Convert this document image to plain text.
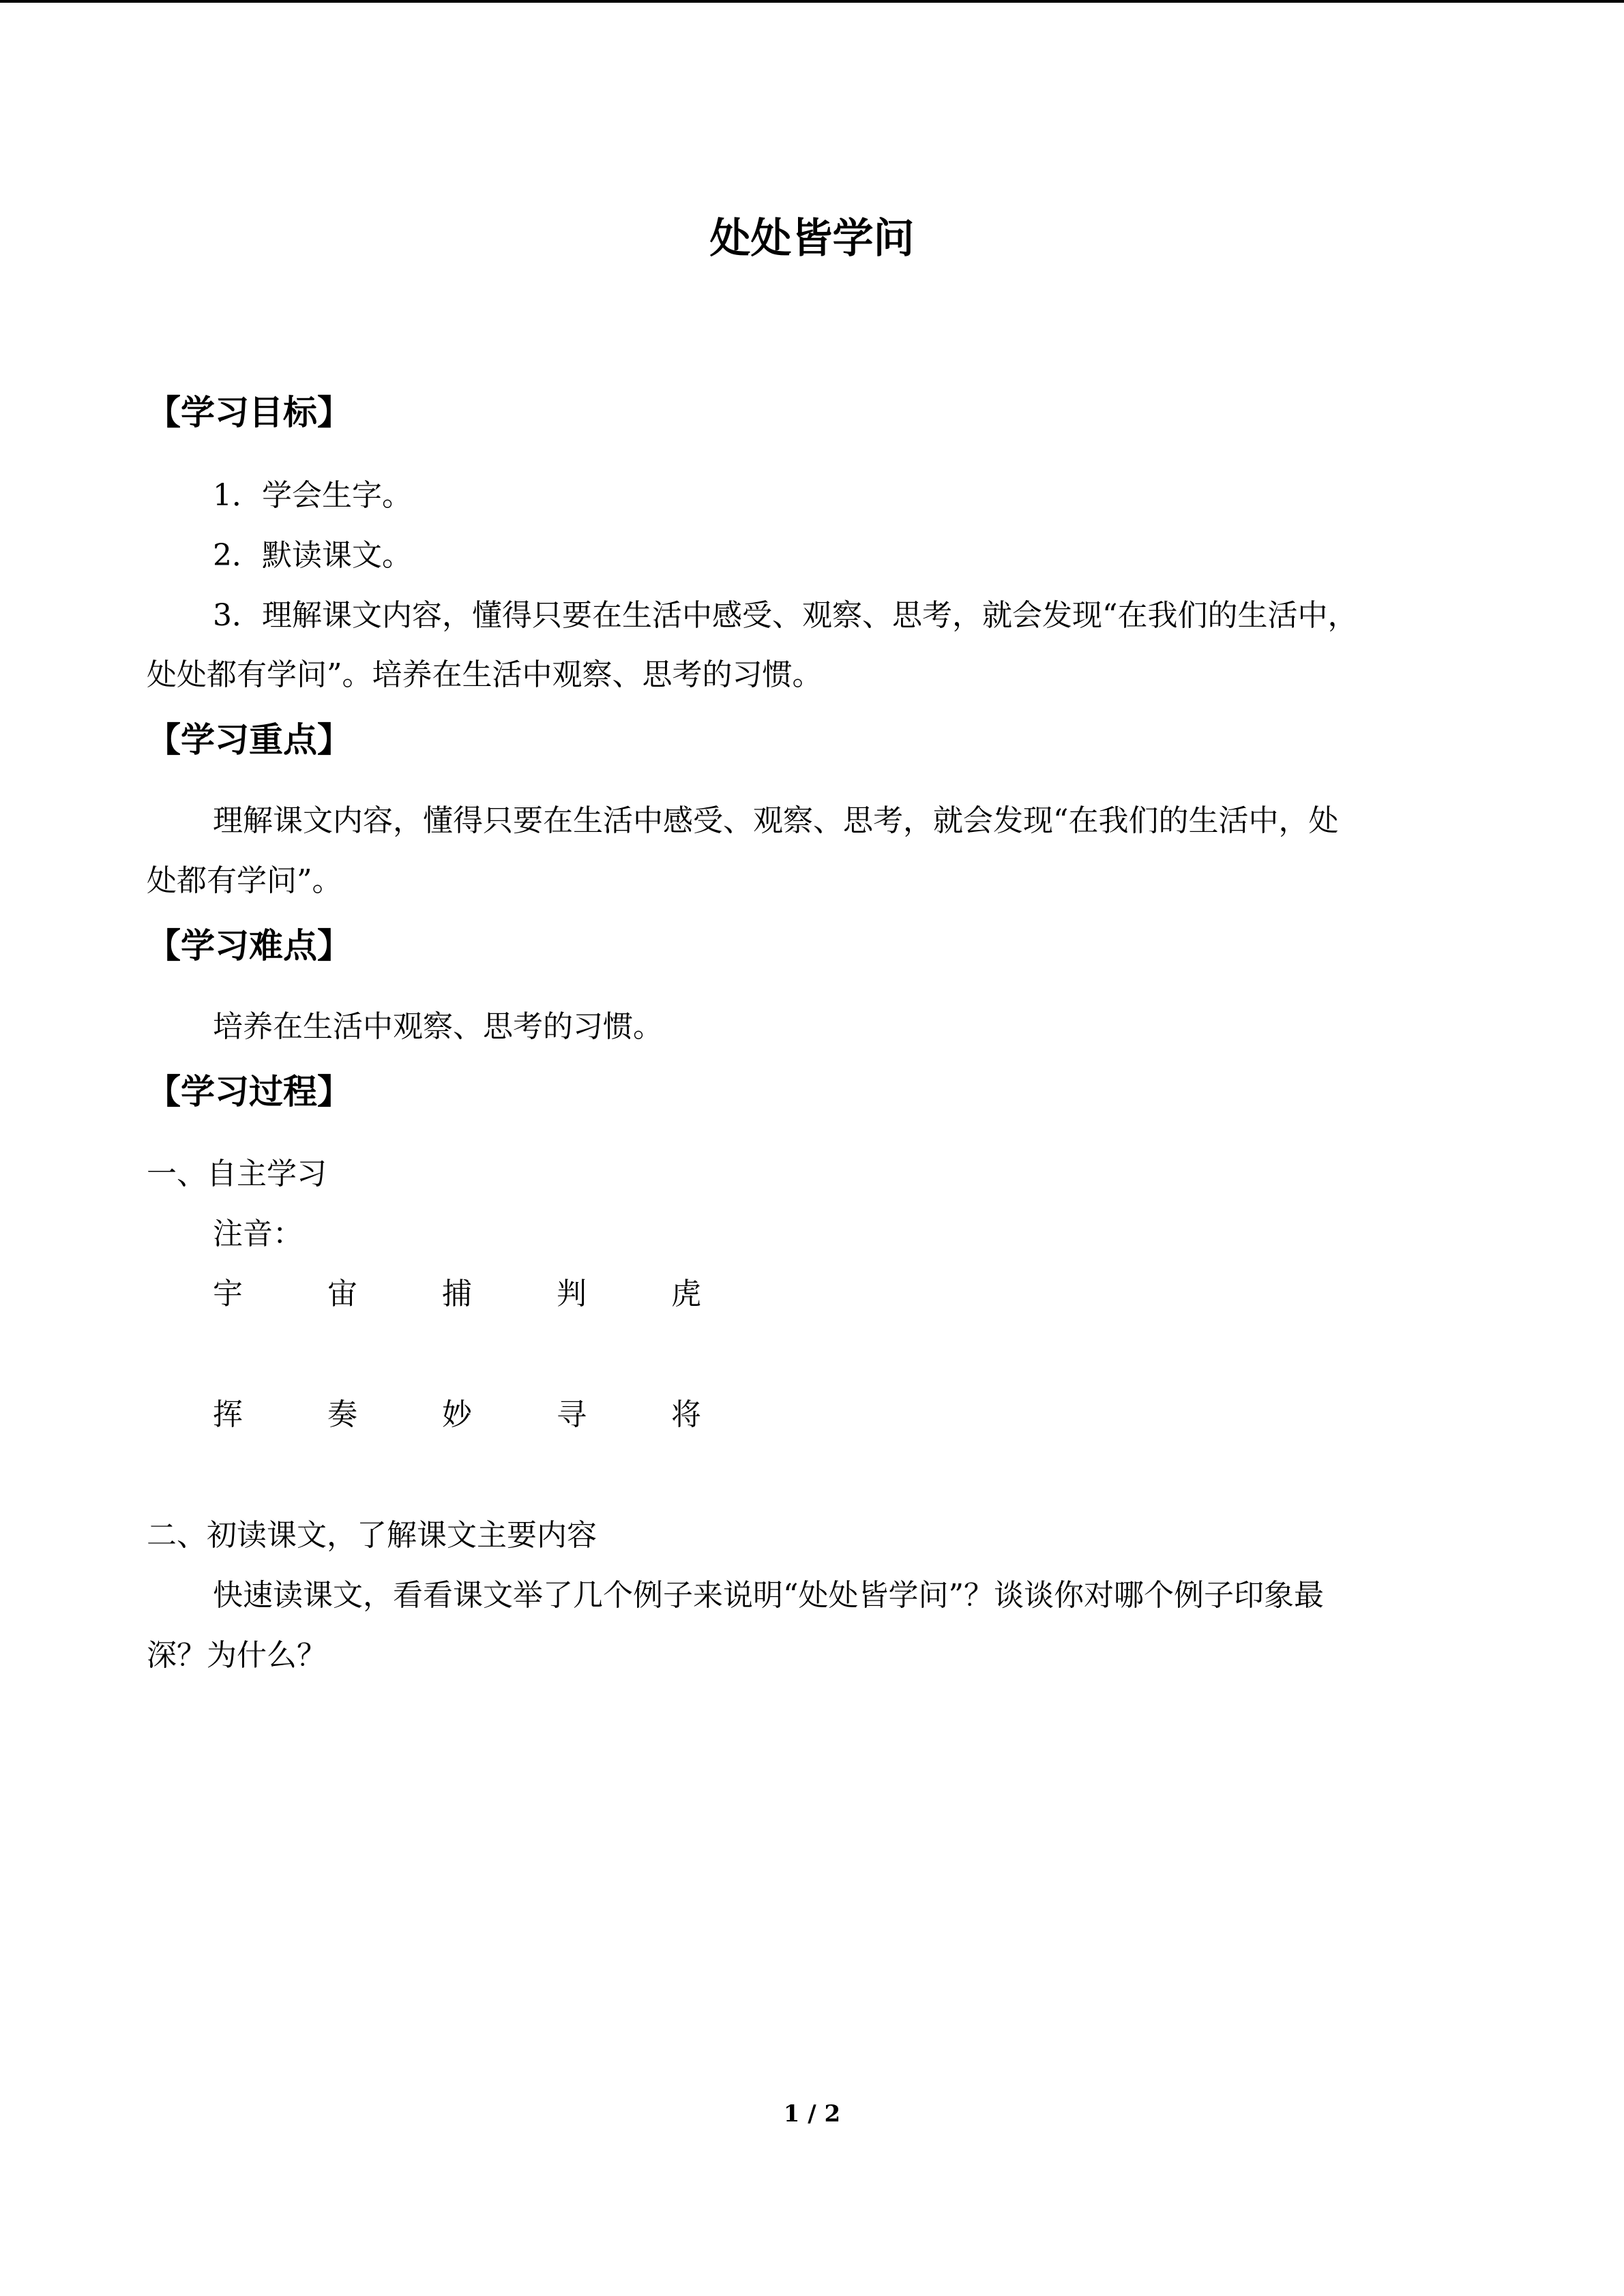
处处皆学问
【学习目标】
1．学会生字。
2．默读课文。
3．理解课文内容，懂得只要在生活中感受、观察、思考，就会发现“在我们的生活中，
处处都有学问”。培养在生活中观察、思考的习惯。
【学习重点】
理解课文内容，懂得只要在生活中感受、观察、思考，就会发现“在我们的生活中，处
处都有学问”。
【学习难点】
培养在生活中观察、思考的习惯。
【学习过程】
一、自主学习
注音：
宇	宙	捕	判	虎
挥	奏	妙	寻	将
二、初读课文，了解课文主要内容
快速读课文，看看课文举了几个例子来说明“处处皆学问”？谈谈你对哪个例子印象最
深？为什么？
1 / 2
